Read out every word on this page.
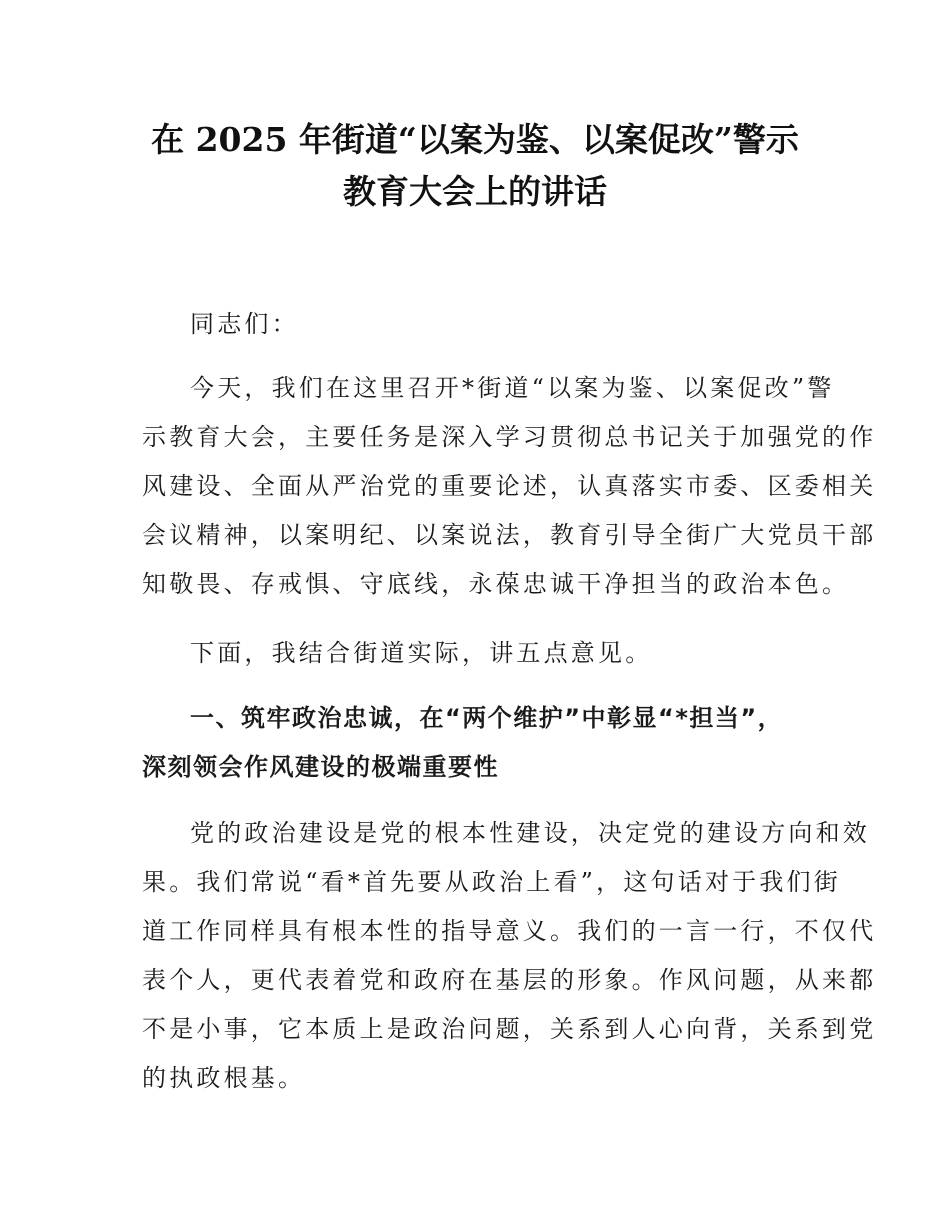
在 2025 年街道“以案为鉴、以案促改”警示
教育大会上的讲话
同志们：
今天，我们在这里召开*街道“以案为鉴、以案促改”警
示教育大会，主要任务是深入学习贯彻总书记关于加强党的作
风建设、全面从严治党的重要论述，认真落实市委、区委相关
会议精神，以案明纪、以案说法，教育引导全街广大党员干部
知敬畏、存戒惧、守底线，永葆忠诚干净担当的政治本色。
下面，我结合街道实际，讲五点意见。
一、筑牢政治忠诚，在“两个维护”中彰显“*担当”，
深刻领会作风建设的极端重要性
党的政治建设是党的根本性建设，决定党的建设方向和效
果。我们常说“看*首先要从政治上看”，这句话对于我们街
道工作同样具有根本性的指导意义。我们的一言一行，不仅代
表个人，更代表着党和政府在基层的形象。作风问题，从来都
不是小事，它本质上是政治问题，关系到人心向背，关系到党
的执政根基。
